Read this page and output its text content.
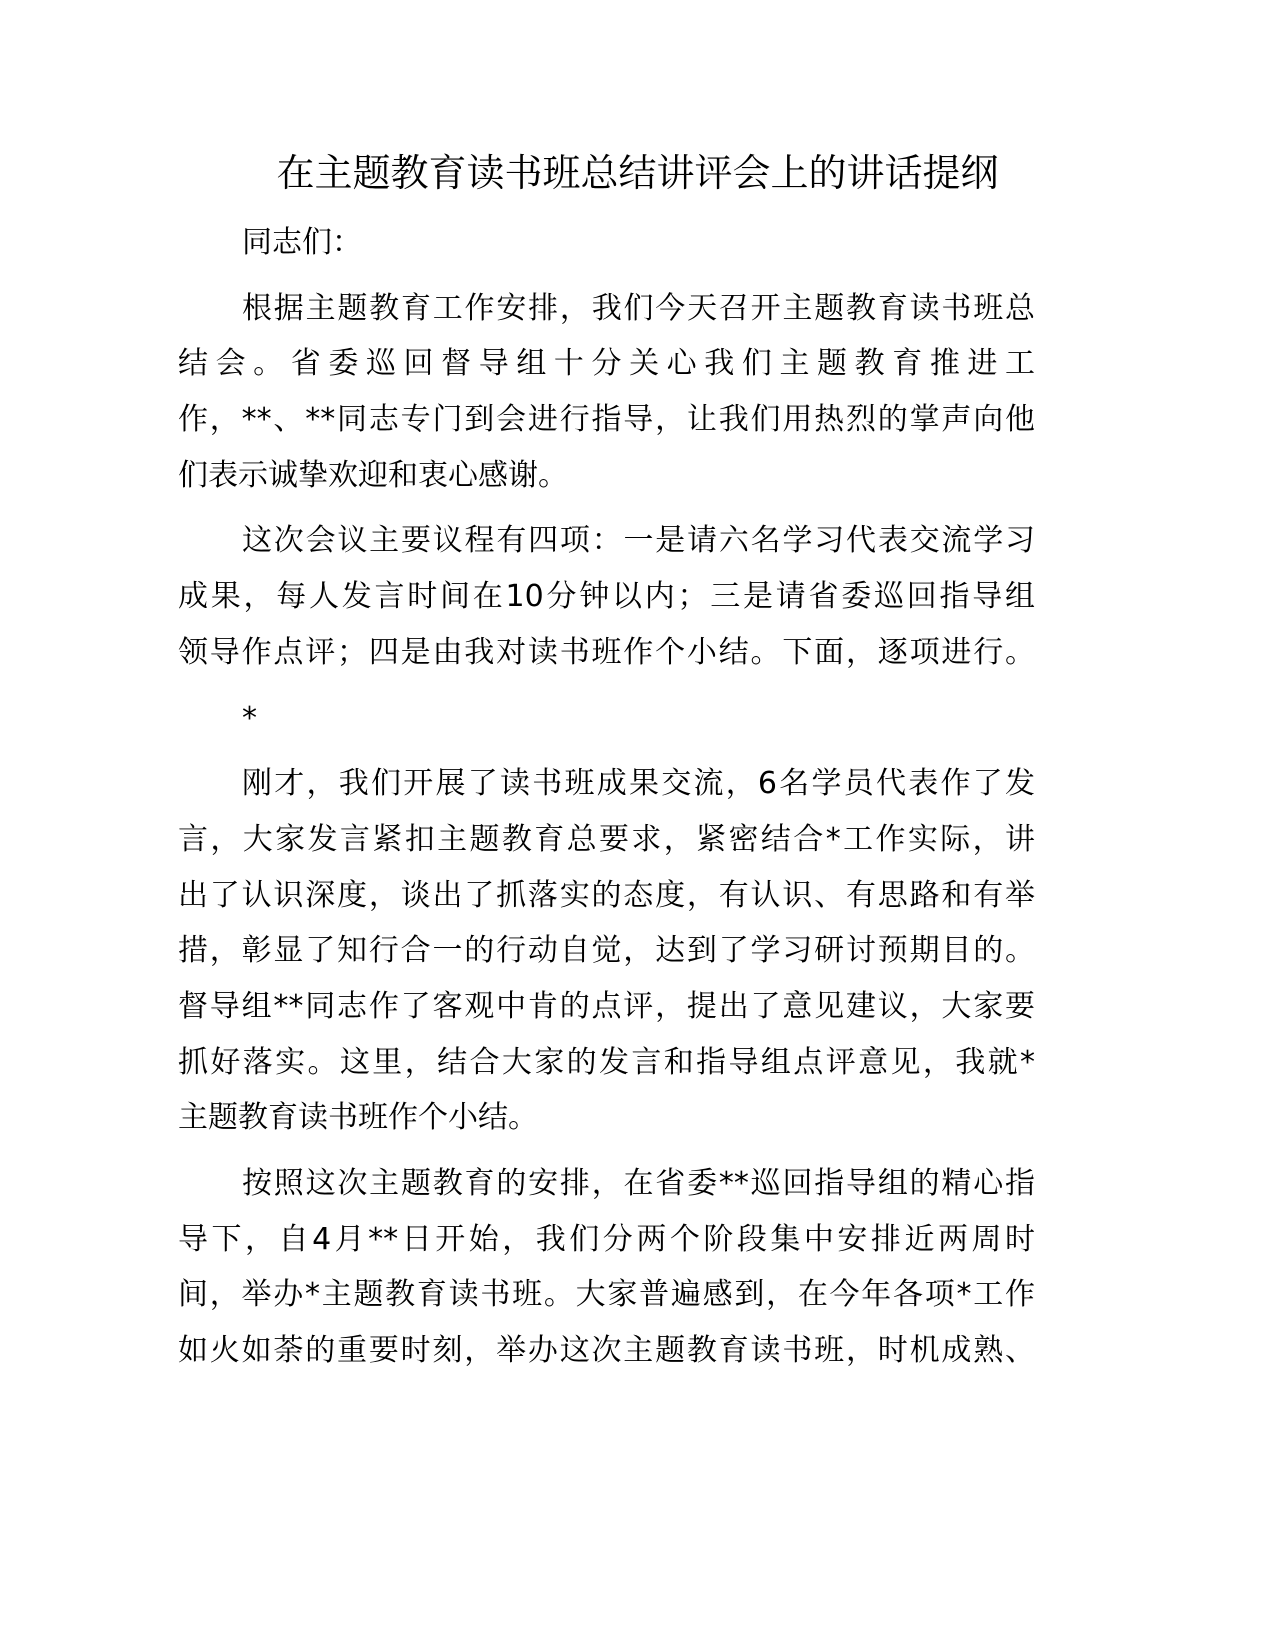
在主题教育读书班总结讲评会上的讲话提纲

同志们：

根据主题教育工作安排，我们今天召开主题教育读书班总
结会。省委巡回督导组十分关心我们主题教育推进工
作，**、**同志专门到会进行指导，让我们用热烈的掌声向他
们表示诚挚欢迎和衷心感谢。

这次会议主要议程有四项：一是请六名学习代表交流学习
成果，每人发言时间在10分钟以内；三是请省委巡回指导组
领导作点评；四是由我对读书班作个小结。下面，逐项进行。

*

刚才，我们开展了读书班成果交流，6名学员代表作了发
言，大家发言紧扣主题教育总要求，紧密结合*工作实际，讲
出了认识深度，谈出了抓落实的态度，有认识、有思路和有举
措，彰显了知行合一的行动自觉，达到了学习研讨预期目的。
督导组**同志作了客观中肯的点评，提出了意见建议，大家要
抓好落实。这里，结合大家的发言和指导组点评意见，我就*
主题教育读书班作个小结。

按照这次主题教育的安排，在省委**巡回指导组的精心指
导下，自4月**日开始，我们分两个阶段集中安排近两周时
间，举办*主题教育读书班。大家普遍感到，在今年各项*工作
如火如荼的重要时刻，举办这次主题教育读书班，时机成熟、
